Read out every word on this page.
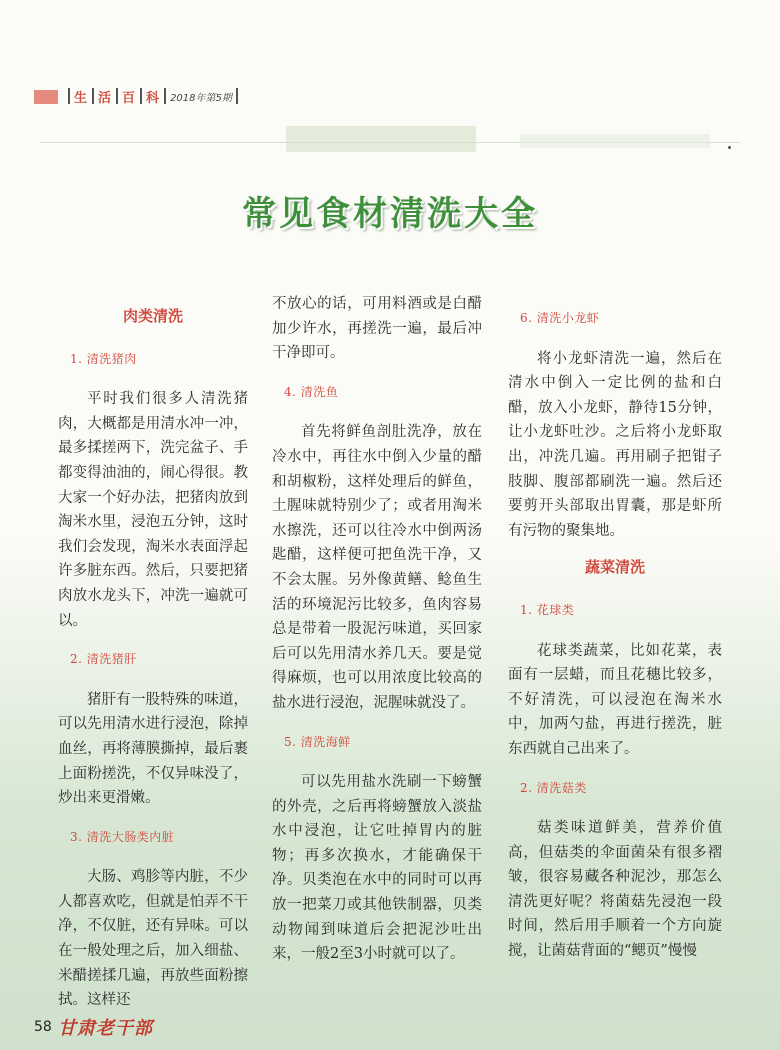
生 活 百 科 2018年第5期
常见食材清洗大全
肉类清洗
1. 清洗猪肉

平时我们很多人清洗猪肉，大概都是用清水冲一冲，最多揉搓两下，洗完盆子、手都变得油油的，闹心得很。教大家一个好办法，把猪肉放到淘米水里，浸泡五分钟，这时我们会发现，淘米水表面浮起许多脏东西。然后，只要把猪肉放水龙头下，冲洗一遍就可以。

2. 清洗猪肝

猪肝有一股特殊的味道，可以先用清水进行浸泡，除掉血丝，再将薄膜撕掉，最后裹上面粉搓洗，不仅异味没了，炒出来更滑嫩。

3. 清洗大肠类内脏

大肠、鸡胗等内脏，不少人都喜欢吃，但就是怕弄不干净，不仅脏，还有异味。可以在一般处理之后，加入细盐、米醋搓揉几遍，再放些面粉擦拭。这样还

不放心的话，可用料酒或是白醋加少许水，再搓洗一遍，最后冲干净即可。

4. 清洗鱼

首先将鲜鱼剖肚洗净，放在冷水中，再往水中倒入少量的醋和胡椒粉，这样处理后的鲜鱼，土腥味就特别少了；或者用淘米水擦洗，还可以往冷水中倒两汤匙醋，这样便可把鱼洗干净，又不会太腥。另外像黄鳝、鲶鱼生活的环境泥污比较多，鱼肉容易总是带着一股泥污味道，买回家后可以先用清水养几天。要是觉得麻烦，也可以用浓度比较高的盐水进行浸泡，泥腥味就没了。

5. 清洗海鲜

可以先用盐水洗刷一下螃蟹的外壳，之后再将螃蟹放入淡盐水中浸泡，让它吐掉胃内的脏物；再多次换水，才能确保干净。贝类泡在水中的同时可以再放一把菜刀或其他铁制器，贝类动物闻到味道后会把泥沙吐出来，一般2至3小时就可以了。

6. 清洗小龙虾

将小龙虾清洗一遍，然后在清水中倒入一定比例的盐和白醋，放入小龙虾，静待15分钟，让小龙虾吐沙。之后将小龙虾取出，冲洗几遍。再用刷子把钳子肢脚、腹部都刷洗一遍。然后还要剪开头部取出胃囊，那是虾所有污物的聚集地。

蔬菜清洗
1. 花球类

花球类蔬菜，比如花菜，表面有一层蜡，而且花穗比较多，不好清洗，可以浸泡在淘米水中，加两勺盐，再进行搓洗，脏东西就自己出来了。

2. 清洗菇类

菇类味道鲜美，营养价值高，但菇类的伞面菌朵有很多褶皱，很容易藏各种泥沙，那怎么清洗更好呢？将菌菇先浸泡一段时间，然后用手顺着一个方向旋搅，让菌菇背面的“鳃页”慢慢

58 甘肃老干部
